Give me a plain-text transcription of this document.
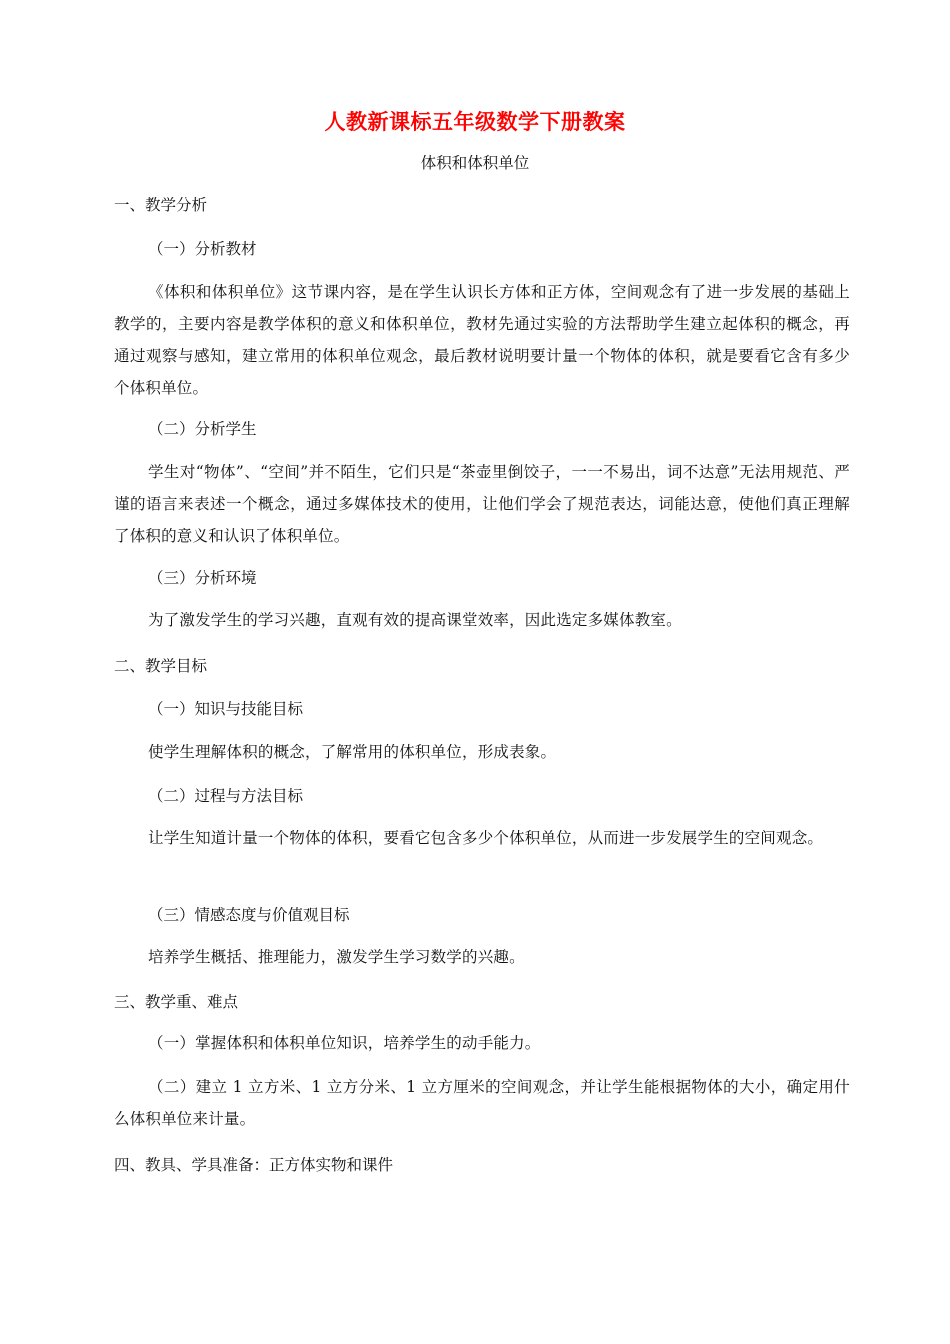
人教新课标五年级数学下册教案
体积和体积单位
一、教学分析
（一）分析教材
《体积和体积单位》这节课内容，是在学生认识长方体和正方体，空间观念有了进一步发展的基础上教学的，主要内容是教学体积的意义和体积单位，教材先通过实验的方法帮助学生建立起体积的概念，再通过观察与感知，建立常用的体积单位观念，最后教材说明要计量一个物体的体积，就是要看它含有多少个体积单位。
（二）分析学生
学生对“物体”、“空间”并不陌生，它们只是“茶壶里倒饺子，一一不易出，词不达意”无法用规范、严谨的语言来表述一个概念，通过多媒体技术的使用，让他们学会了规范表达，词能达意，使他们真正理解了体积的意义和认识了体积单位。
（三）分析环境
为了激发学生的学习兴趣，直观有效的提高课堂效率，因此选定多媒体教室。
二、教学目标
（一）知识与技能目标
使学生理解体积的概念，了解常用的体积单位，形成表象。
（二）过程与方法目标
让学生知道计量一个物体的体积，要看它包含多少个体积单位，从而进一步发展学生的空间观念。
（三）情感态度与价值观目标
培养学生概括、推理能力，激发学生学习数学的兴趣。
三、教学重、难点
（一）掌握体积和体积单位知识，培养学生的动手能力。
（二）建立 1 立方米、1 立方分米、1 立方厘米的空间观念，并让学生能根据物体的大小，确定用什么体积单位来计量。
四、教具、学具准备：正方体实物和课件
